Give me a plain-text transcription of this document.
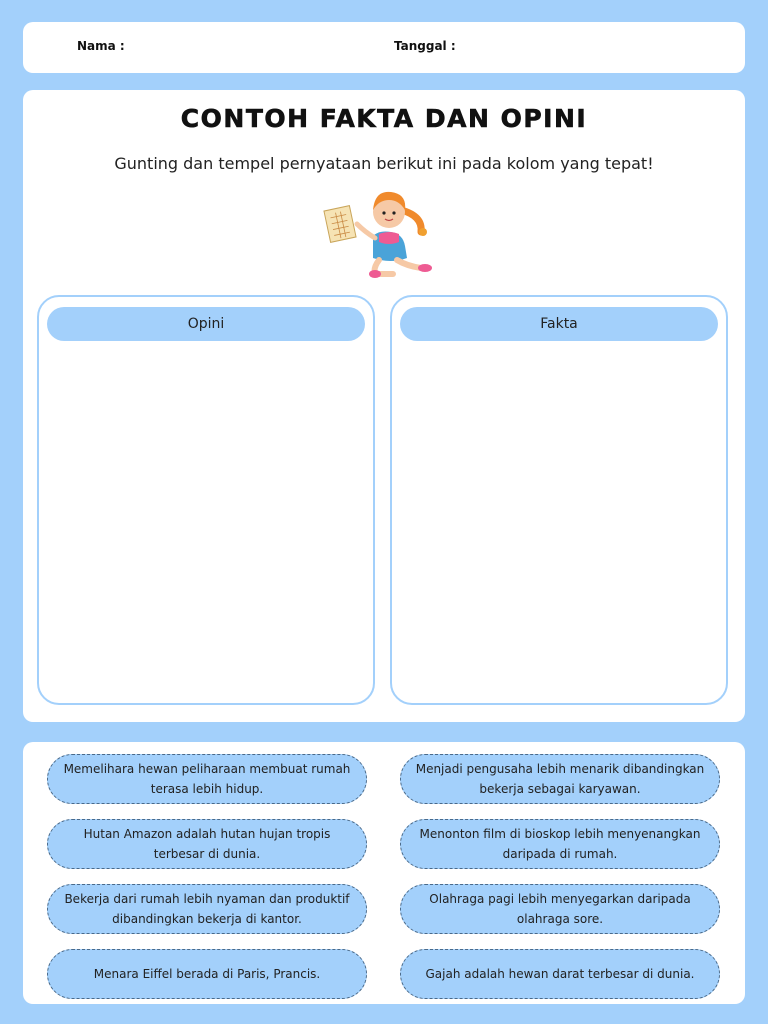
Nama :	Tanggal :
CONTOH FAKTA DAN OPINI
Gunting dan tempel pernyataan berikut ini pada kolom yang tepat!
Opini	Fakta
Memelihara hewan peliharaan membuat rumah terasa lebih hidup.
Menjadi pengusaha lebih menarik dibandingkan bekerja sebagai karyawan.
Hutan Amazon adalah hutan hujan tropis terbesar di dunia.
Menonton film di bioskop lebih menyenangkan daripada di rumah.
Bekerja dari rumah lebih nyaman dan produktif dibandingkan bekerja di kantor.
Olahraga pagi lebih menyegarkan daripada olahraga sore.
Menara Eiffel berada di Paris, Prancis.	Gajah adalah hewan darat terbesar di dunia.
